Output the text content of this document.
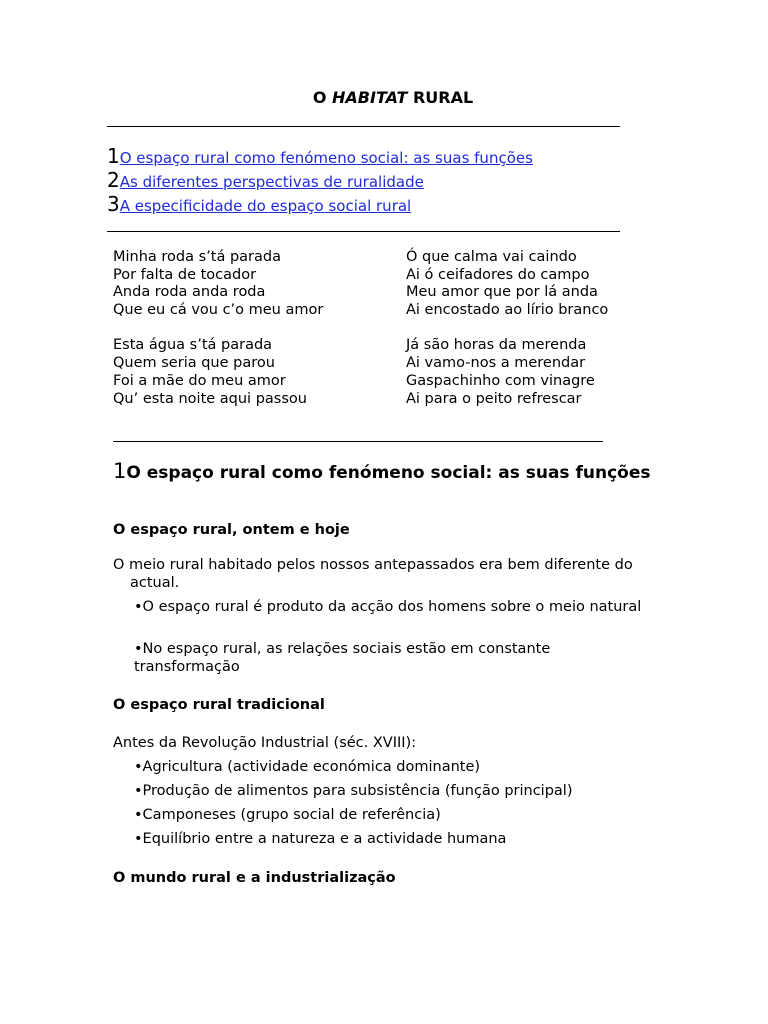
O HABITAT RURAL
1O espaço rural como fenómeno social: as suas funções
2As diferentes perspectivas de ruralidade
3A especificidade do espaço social rural
Minha roda s’tá parada
Por falta de tocador
Anda roda anda roda
Que eu cá vou c’o meu amor
Esta água s’tá parada
Quem seria que parou
Foi a mãe do meu amor
Qu’ esta noite aqui passou
Ó que calma vai caindo
Ai ó ceifadores do campo
Meu amor que por lá anda
Ai encostado ao lírio branco
Já são horas da merenda
Ai vamo-nos a merendar
Gaspachinho com vinagre
Ai para o peito refrescar
1O espaço rural como fenómeno social: as suas funções
O espaço rural, ontem e hoje
O meio rural habitado pelos nossos antepassados era bem diferente do
actual.
•O espaço rural é produto da acção dos homens sobre o meio natural
•No espaço rural, as relações sociais estão em constante transformação
O espaço rural tradicional
Antes da Revolução Industrial (séc. XVIII):
•Agricultura (actividade económica dominante)
•Produção de alimentos para subsistência (função principal)
•Camponeses (grupo social de referência)
•Equilíbrio entre a natureza e a actividade humana
O mundo rural e a industrialização
